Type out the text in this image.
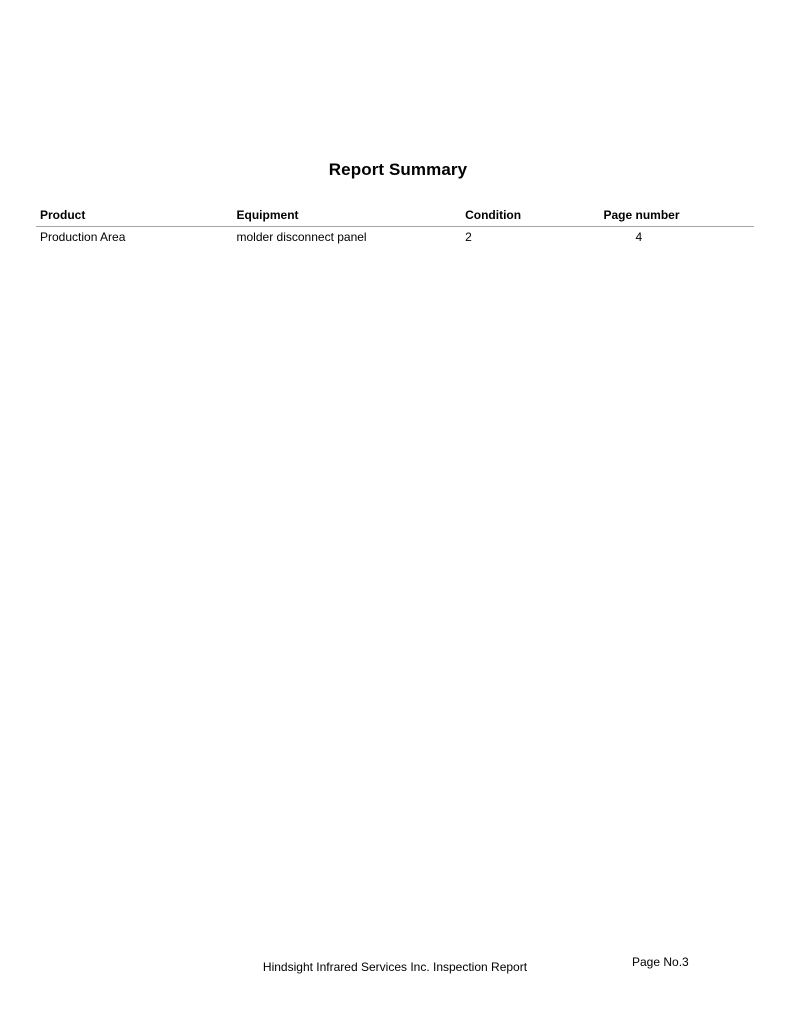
Report Summary
Product	Equipment	Condition	Page number
Production Area	molder disconnect panel	2	4
Hindsight Infrared Services Inc. Inspection Report	Page No.3
